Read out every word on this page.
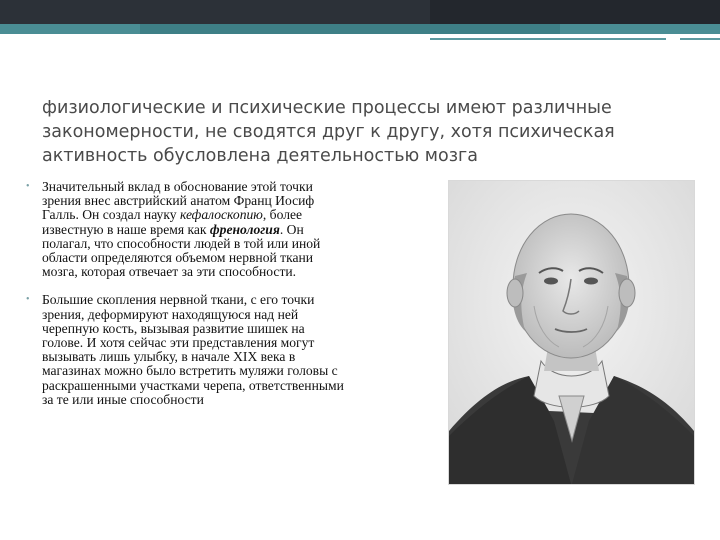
физиологические и психические процессы имеют различные закономерности, не сводятся друг к другу, хотя психическая активность обусловлена деятельностью мозга
• Значительный вклад в обоснование этой точки зрения внес австрийский анатом Франц Иосиф Галль. Он создал науку кефалоскопию, более известную в наше время как френология. Он полагал, что способности людей в той или иной области определяются объемом нервной ткани мозга, которая отвечает за эти способности.
• Большие скопления нервной ткани, с его точки зрения, деформируют находящуюся над ней черепную кость, вызывая развитие шишек на голове. И хотя сейчас эти представления могут вызывать лишь улыбку, в начале XIX века в магазинах можно было встретить муляжи головы с раскрашенными участками черепа, ответственными за те или иные способности
